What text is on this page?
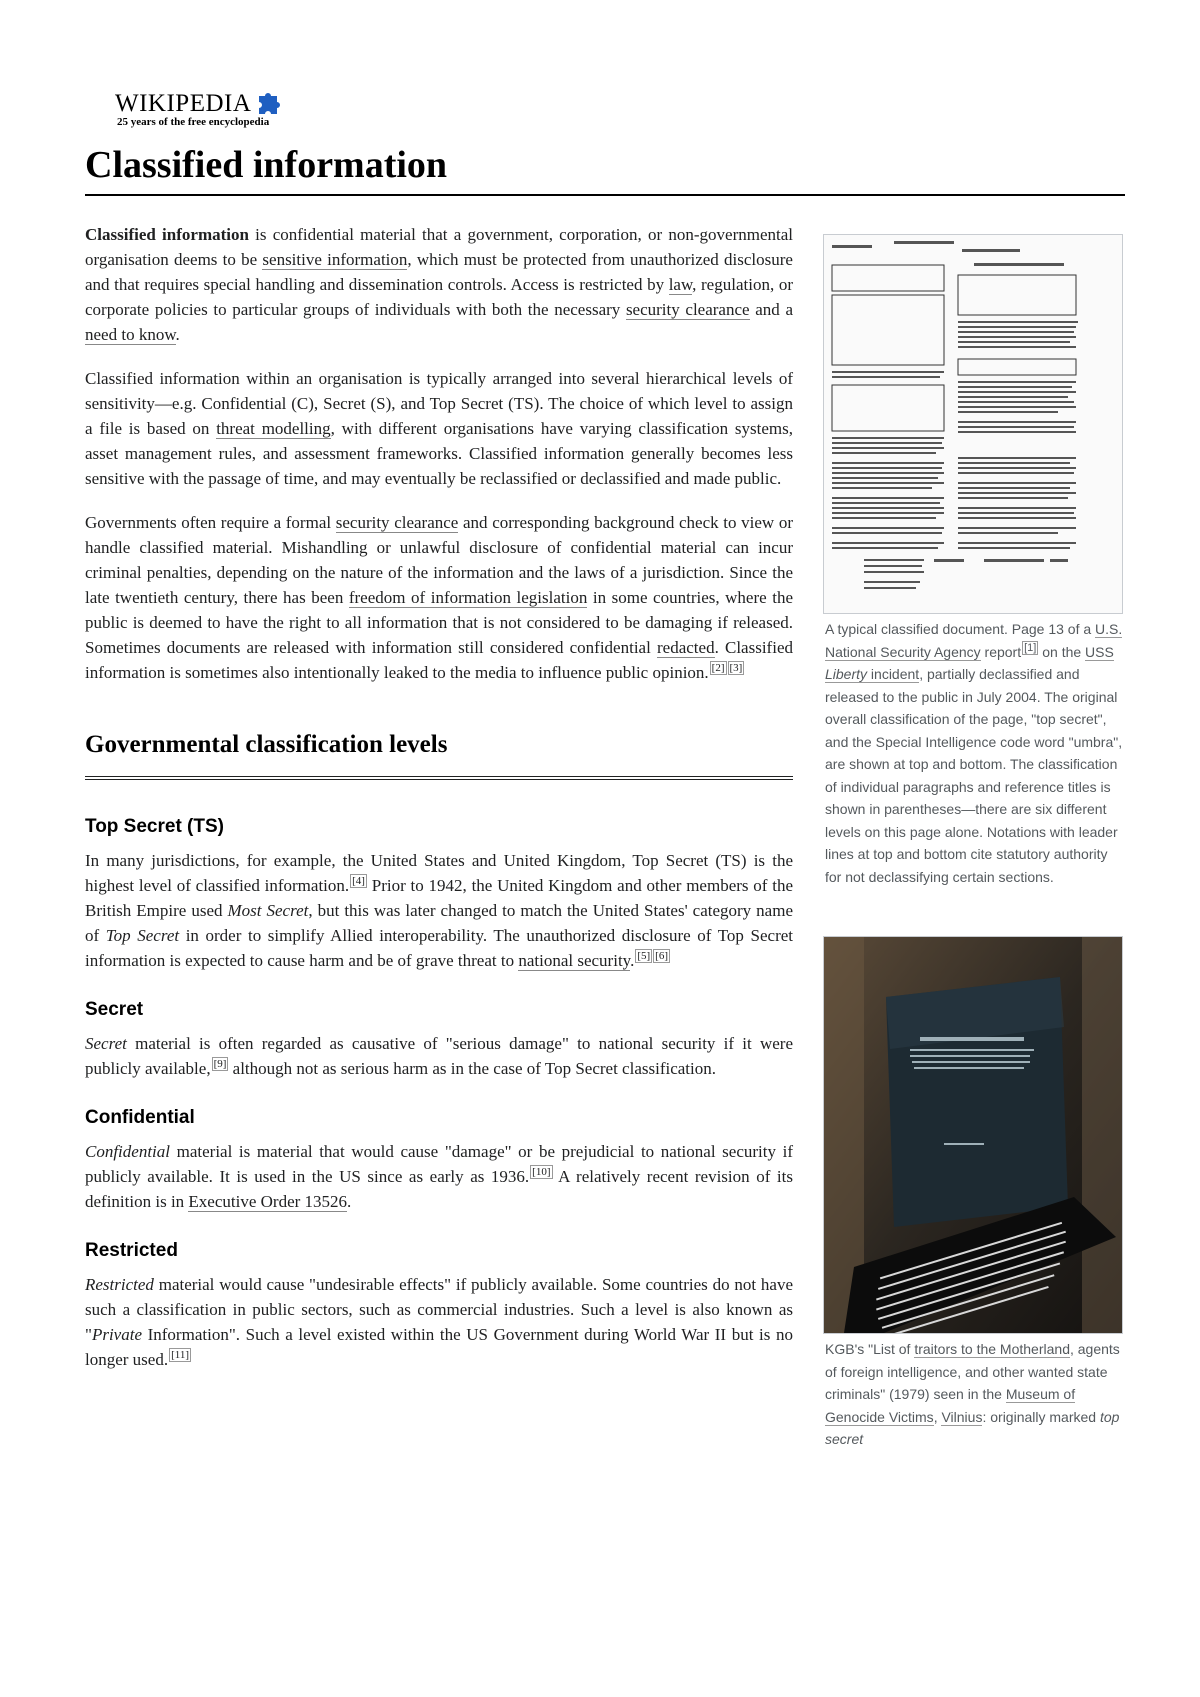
WIKIPEDIA
25 years of the free encyclopedia
Classified information

Classified information is confidential material that a government, corporation, or non-governmental organisation deems to be sensitive information, which must be protected from unauthorized disclosure and that requires special handling and dissemination controls. Access is restricted by law, regulation, or corporate policies to particular groups of individuals with both the necessary security clearance and a need to know.

Classified information within an organisation is typically arranged into several hierarchical levels of sensitivity—e.g. Confidential (C), Secret (S), and Top Secret (TS). The choice of which level to assign a file is based on threat modelling, with different organisations have varying classification systems, asset management rules, and assessment frameworks. Classified information generally becomes less sensitive with the passage of time, and may eventually be reclassified or declassified and made public.

Governments often require a formal security clearance and corresponding background check to view or handle classified material. Mishandling or unlawful disclosure of confidential material can incur criminal penalties, depending on the nature of the information and the laws of a jurisdiction. Since the late twentieth century, there has been freedom of information legislation in some countries, where the public is deemed to have the right to all information that is not considered to be damaging if released. Sometimes documents are released with information still considered confidential redacted. Classified information is sometimes also intentionally leaked to the media to influence public opinion. [2] [3]

Governmental classification levels
Top Secret (TS)

In many jurisdictions, for example, the United States and United Kingdom, Top Secret (TS) is the highest level of classified information. [4] Prior to 1942, the United Kingdom and other members of the British Empire used Most Secret, but this was later changed to match the United States' category name of Top Secret in order to simplify Allied interoperability. The unauthorized disclosure of Top Secret information is expected to cause harm and be of grave threat to national security. [5] [6]

Secret

Secret material is often regarded as causative of "serious damage" to national security if it were publicly available, [9] although not as serious harm as in the case of Top Secret classification.

Confidential

Confidential material is material that would cause "damage" or be prejudicial to national security if publicly available. It is used in the US since as early as 1936. [10] A relatively recent revision of its definition is in Executive Order 13526.

Restricted

Restricted material would cause "undesirable effects" if publicly available. Some countries do not have such a classification in public sectors, such as commercial industries. Such a level is also known as "Private Information". Such a level existed within the US Government during World War II but is no longer used. [11]

A typical classified document. Page 13 of a U.S. National Security Agency report [1] on the USS Liberty incident, partially declassified and released to the public in July 2004. The original overall classification of the page, "top secret", and the Special Intelligence code word "umbra", are shown at top and bottom. The classification of individual paragraphs and reference titles is shown in parentheses—there are six different levels on this page alone. Notations with leader lines at top and bottom cite statutory authority for not declassifying certain sections.
KGB's "List of traitors to the Motherland, agents of foreign intelligence, and other wanted state criminals" (1979) seen in the Museum of Genocide Victims, Vilnius: originally marked top secret
